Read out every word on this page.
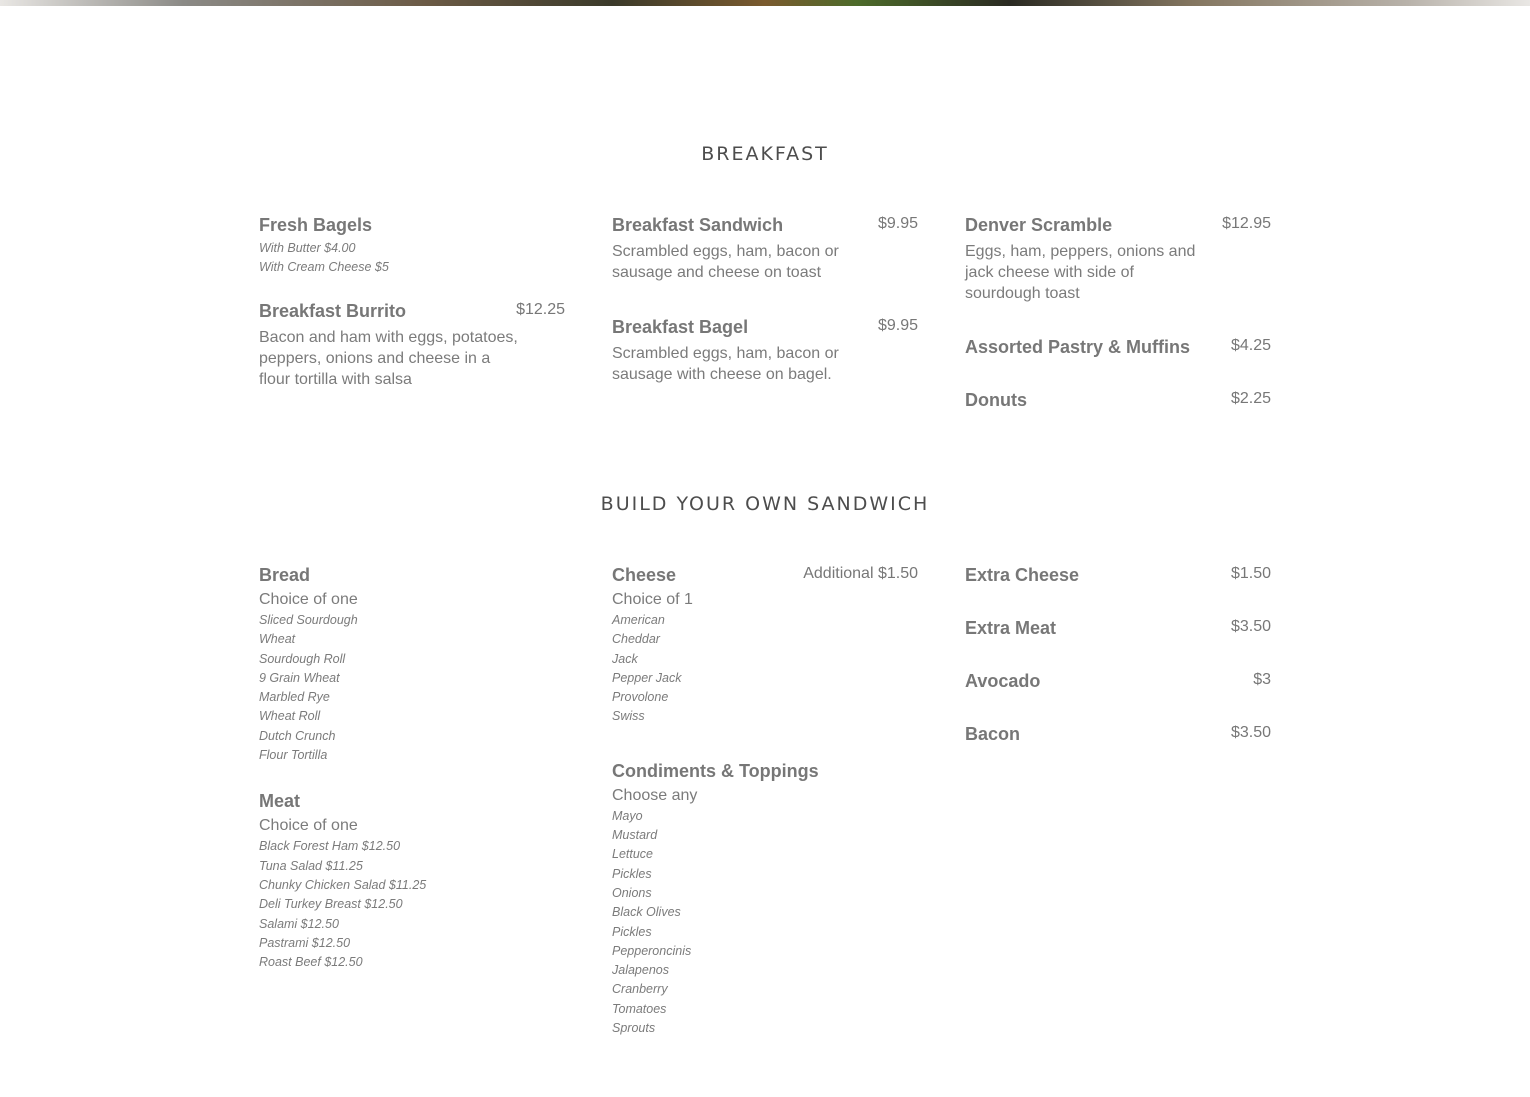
BREAKFAST
Fresh Bagels
With Butter $4.00
With Cream Cheese $5
Breakfast Burrito	$12.25
Bacon and ham with eggs, potatoes, peppers, onions and cheese in a flour tortilla with salsa
Breakfast Sandwich	$9.95
Scrambled eggs, ham, bacon or sausage and cheese on toast
Breakfast Bagel	$9.95
Scrambled eggs, ham, bacon or sausage with cheese on bagel.
Denver Scramble	$12.95
Eggs, ham, peppers, onions and jack cheese with side of sourdough toast
Assorted Pastry & Muffins	$4.25
Donuts	$2.25
BUILD YOUR OWN SANDWICH
Bread
Choice of one
Sliced Sourdough
Wheat
Sourdough Roll
9 Grain Wheat
Marbled Rye
Wheat Roll
Dutch Crunch
Flour Tortilla
Meat
Choice of one
Black Forest Ham $12.50
Tuna Salad $11.25
Chunky Chicken Salad $11.25
Deli Turkey Breast $12.50
Salami $12.50
Pastrami $12.50
Roast Beef $12.50
Cheese	Additional $1.50
Choice of 1
American
Cheddar
Jack
Pepper Jack
Provolone
Swiss
Condiments & Toppings
Choose any
Mayo
Mustard
Lettuce
Pickles
Onions
Black Olives
Pickles
Pepperoncinis
Jalapenos
Cranberry
Tomatoes
Sprouts
Extra Cheese	$1.50
Extra Meat	$3.50
Avocado	$3
Bacon	$3.50
